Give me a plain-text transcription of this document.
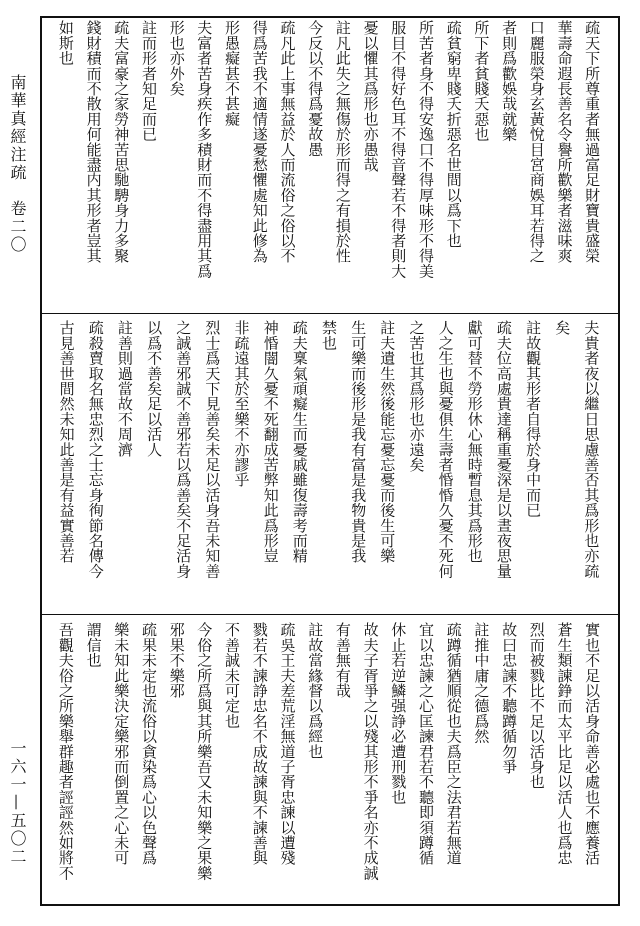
南華真經注疏　卷二〇
一六一—五〇二
疏天下所尊重者無過富足財寶貴盛榮
華壽命遐長善名令譽所歡樂者滋味爽
口麗服榮身玄黃悅目宮商娛耳若得之
者則爲歡娛哉就樂
所下者貧賤夭惡也
疏貧窮卑賤夭折惡名世間以爲下也
所苦者身不得安逸口不得厚味形不得美
服目不得好色耳不得音聲若不得者則大
憂以懼其爲形也亦愚哉
註凡此失之無傷於形而得之有損於性
今反以不得爲憂故愚
疏凡此上事無益於人而流俗之俗以不
得爲苦我不適情遂憂愁懼處知此修為
形愚癡甚不甚癡
夫富者苦身疾作多積財而不得盡用其爲
形也亦外矣
註而形者知足而已
疏夫富豪之家勞神苦思馳騁身力多聚
錢財積而不散用何能盡内其形者豈其
如斯也
夫貴者夜以繼日思慮善否其爲形也亦疏
矣
註故觀其形者自得於身中而已
疏夫位高處貴達稱重憂深是以晝夜思量
獻可替不勞形休心無時暫息其爲形也
人之生也與憂俱生壽者惛惛久憂不死何
之苦也其爲形也亦遠矣
註夫遺生然後能忘憂忘憂而後生可樂
生可樂而後形是我有富是我物貴是我
禁也
疏夫稟氣頑癡生而憂戚雖復壽考而精
神惛闇久憂不死翻成苦弊知此爲形豈
非疏遠其於至樂不亦謬乎
烈士爲天下見善矣未足以活身吾未知善
之誠善邪誠不善邪若以爲善矣不足活身
以爲不善矣足以活人
註善則過當故不周濟
疏殺賣取名無忠烈之士忘身徇節名傳今
古見善世間然未知此善是有益實善若
實也不足以活身命善必處也不應養活
蒼生類諫錚而太平比足以活人也爲忠
烈而被戮比不足以活身也
故曰忠諫不聽蹲循勿爭
註推中庸之德爲然
疏蹲循猶順從也夫爲臣之法君若無道
宜以忠諫之心匡諫君若不聽即須蹲循
休止若逆鱗强諍必遭刑戮也
故夫子胥爭之以殘其形不爭名亦不成誠
有善無有哉
註故當緣督以爲經也
疏吳王夫差荒淫無道子胥忠諫以遭殘
戮若不諫諍忠名不成故諫與不諫善與
不善誠未可定也
今俗之所爲與其所樂吾又未知樂之果樂
邪果不樂邪
疏果未定也流俗以貪染爲心以色聲爲
樂未知此樂決定樂邪而倒置之心未可
謂信也
吾觀夫俗之所樂舉群趣者誙誙然如將不
